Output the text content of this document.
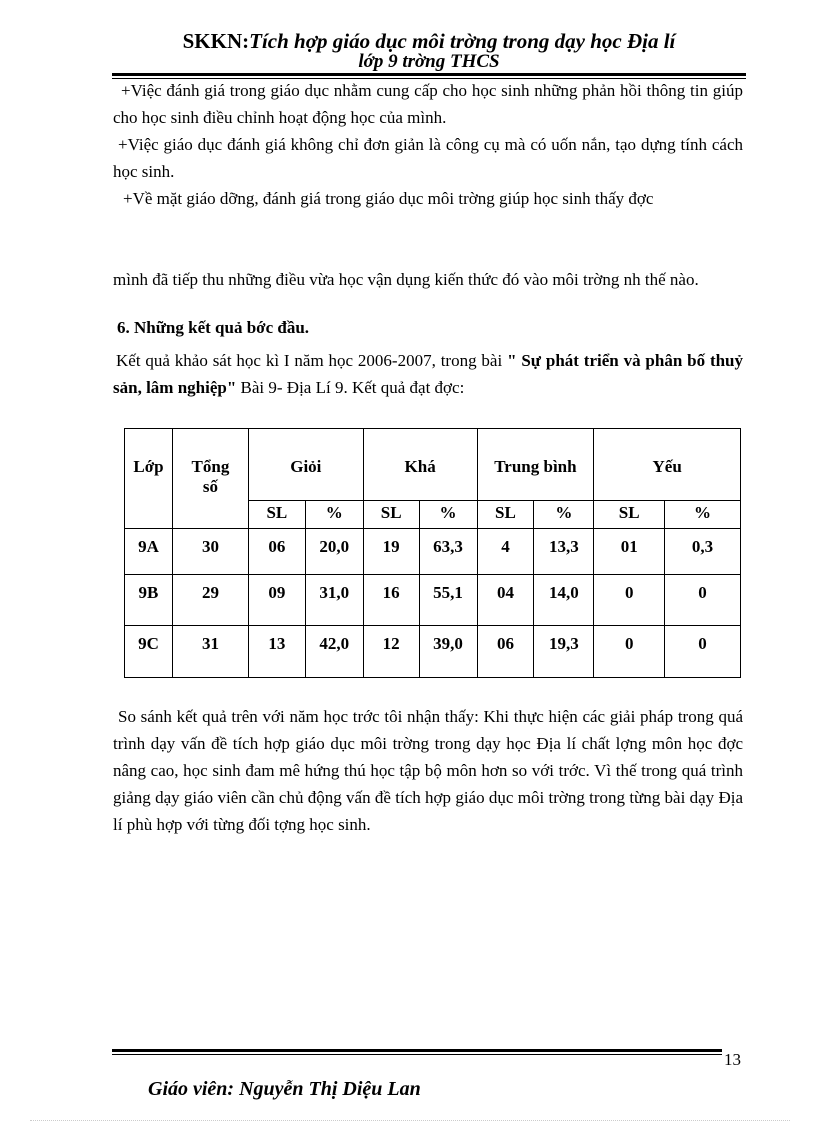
SKKN:Tích hợp giáo dục môi trờng trong dạy học Địa lí
lớp 9 trờng THCS
+Việc đánh giá trong giáo dục nhằm cung cấp cho học sinh những phản hồi thông tin giúp cho học sinh điều chỉnh hoạt động học của mình.
+Việc giáo dục đánh giá không chỉ đơn giản là công cụ mà có uốn nắn, tạo dựng tính cách học sinh.
+Về mặt giáo dỡng, đánh giá trong giáo dục môi trờng giúp học sinh thấy đợc
mình đã tiếp thu những điều vừa học vận dụng kiến thức đó vào môi trờng nh thế nào.
6. Những kết quả bớc đầu.
Kết quả khảo sát học kì I năm học 2006-2007, trong bài " Sự phát triển và phân bố thuỷ sản, lâm nghiệp" Bài 9- Địa Lí 9. Kết quả đạt đợc:
Lớp	Tổng số	Giỏi		Khá		Trung bình		Yếu	
		SL	%	SL	%	SL	%	SL	%
9A	30	06	20,0	19	63,3	4	13,3	01	0,3
9B	29	09	31,0	16	55,1	04	14,0	0	0
9C	31	13	42,0	12	39,0	06	19,3	0	0
So sánh kết quả trên với năm học trớc tôi nhận thấy: Khi thực hiện các giải pháp trong quá trình dạy vấn đề tích hợp giáo dục môi trờng trong dạy học Địa lí chất lợng môn học đợc nâng cao, học sinh đam mê hứng thú học tập bộ môn hơn so với trớc. Vì thế trong quá trình giảng dạy giáo viên cần chủ động vấn đề tích hợp giáo dục môi trờng trong từng bài dạy Địa lí phù hợp với từng đối tợng học sinh.
13
Giáo viên: Nguyễn Thị Diệu Lan
